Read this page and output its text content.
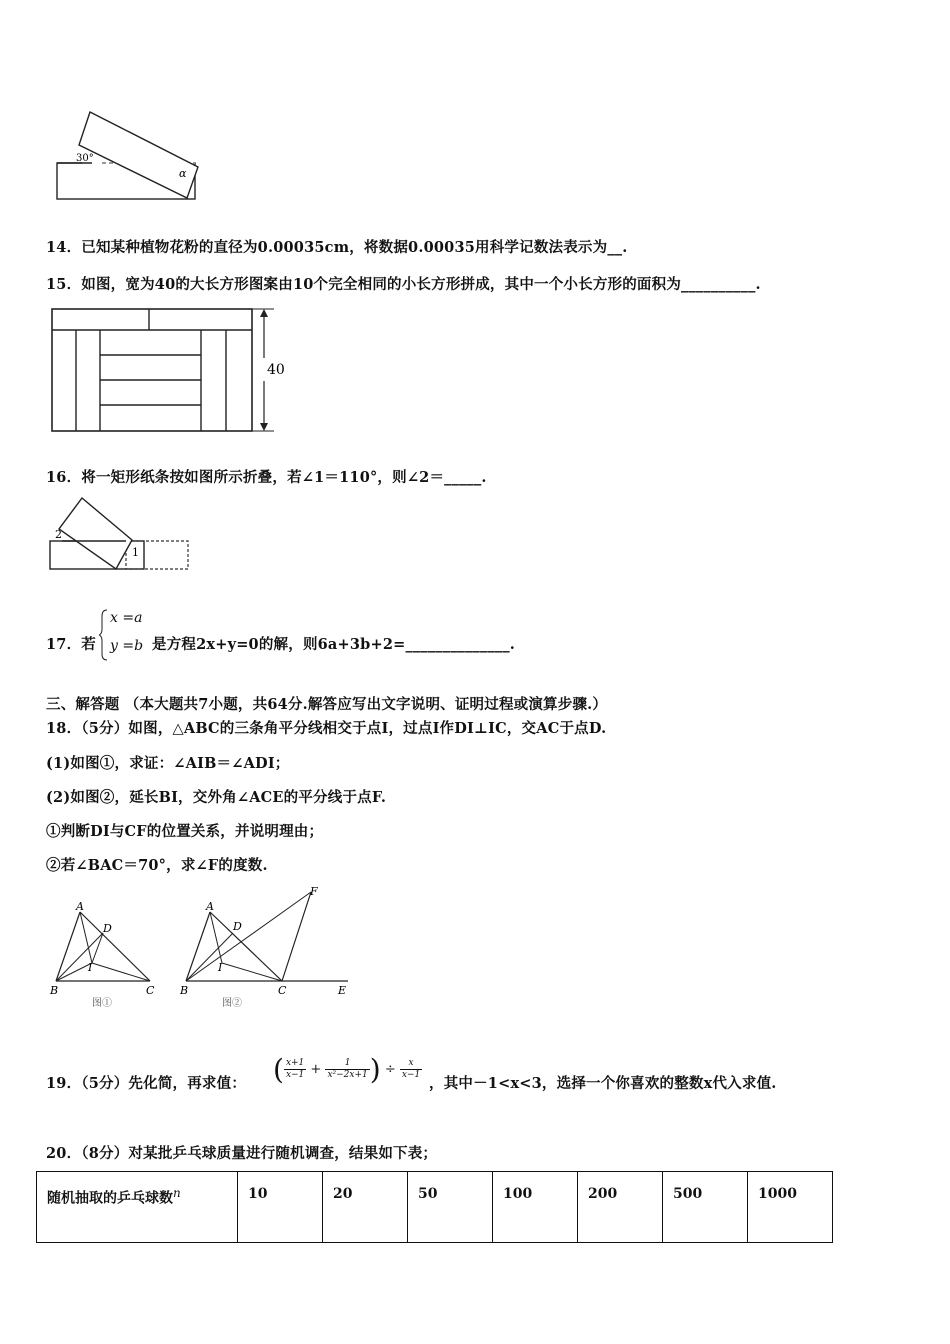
30°
α
14．已知某种植物花粉的直径为0.00035cm，将数据0.00035用科学记数法表示为__.
15．如图，宽为40的大长方形图案由10个完全相同的小长方形拼成，其中一个小长方形的面积为__________.
40
16．将一矩形纸条按如图所示折叠，若∠1＝110°，则∠2＝_____.
2
1
17．若
x =a
y =b 是方程2x+y=0的解，则6a+3b+2=______________.
三、解答题 （本大题共7小题，共64分.解答应写出文字说明、证明过程或演算步骤.）
18．（5分）如图，△ABC的三条角平分线相交于点I，过点I作DI⊥IC，交AC于点D.
(1)如图①，求证：∠AIB＝∠ADI；
(2)如图②，延长BI，交外角∠ACE的平分线于点F.
①判断DI与CF的位置关系，并说明理由；
②若∠BAC＝70°，求∠F的度数.
A
D
I
B	C
图①
A
D
I
B	C	E
F
图②
19．（5分）先化简，再求值： ( $\frac{x+1}{x-1} + \frac{1}{\text{x²−2x+1}}$ ) ÷ $\frac{x}{x-1}$
，其中－1<x<3，选择一个你喜欢的整数x代入求值.
20．（8分）对某批乒乓球质量进行随机调查，结果如下表；
随机抽取的乒乓球数$^n$	10	20	50	100	200	500	1000
